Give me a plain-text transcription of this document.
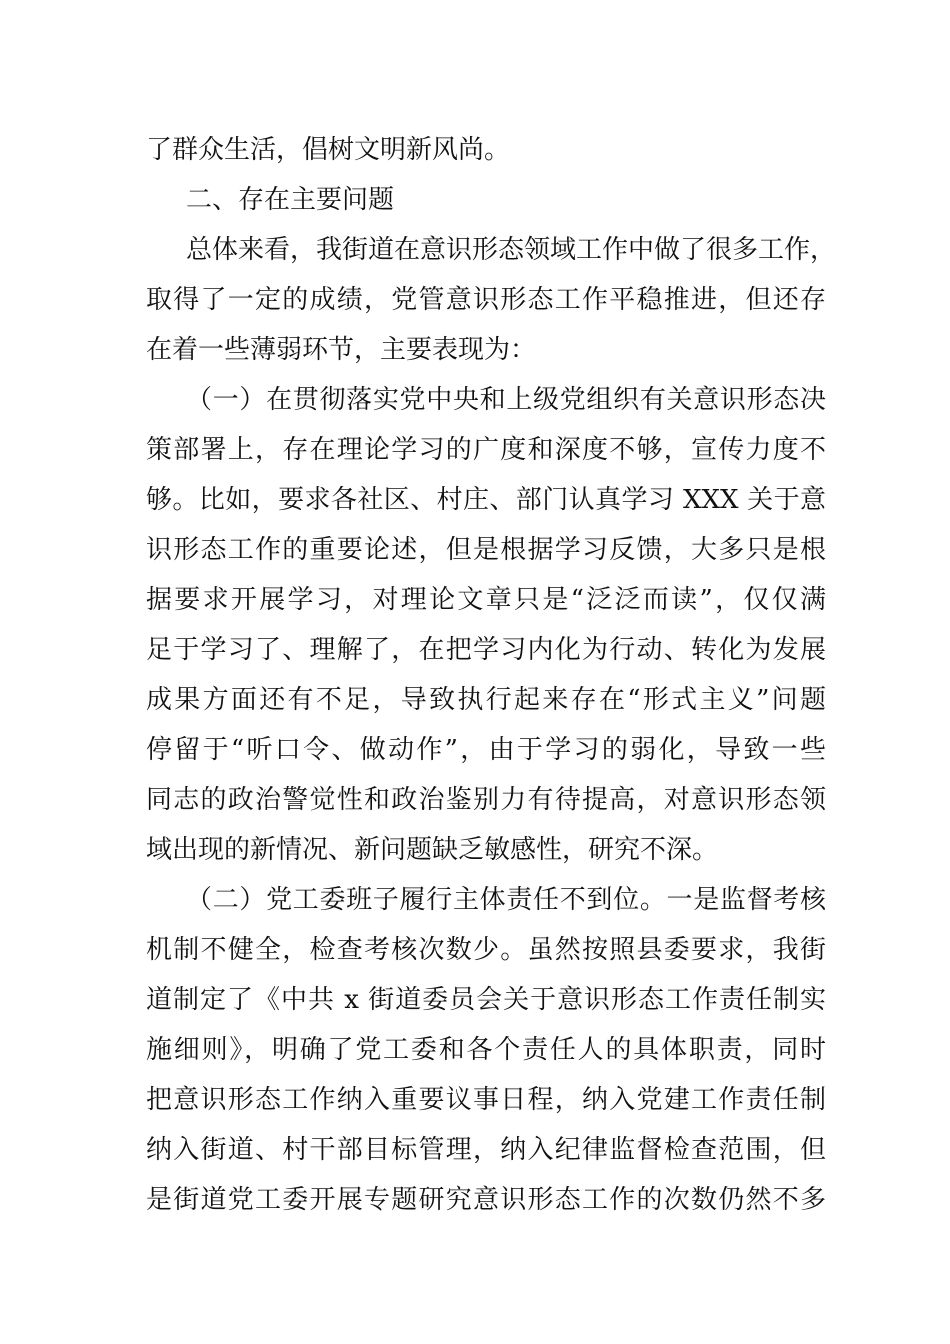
了群众生活，倡树文明新风尚。
二、存在主要问题
总体来看，我街道在意识形态领域工作中做了很多工作，
取得了一定的成绩，党管意识形态工作平稳推进，但还存
在着一些薄弱环节，主要表现为：
（一）在贯彻落实党中央和上级党组织有关意识形态决
策部署上，存在理论学习的广度和深度不够，宣传力度不
够。比如，要求各社区、村庄、部门认真学习 XXX 关于意
识形态工作的重要论述，但是根据学习反馈，大多只是根
据要求开展学习，对理论文章只是“泛泛而读”，仅仅满
足于学习了、理解了，在把学习内化为行动、转化为发展
成果方面还有不足，导致执行起来存在“形式主义”问题
停留于“听口令、做动作”，由于学习的弱化，导致一些
同志的政治警觉性和政治鉴别力有待提高，对意识形态领
域出现的新情况、新问题缺乏敏感性，研究不深。
（二）党工委班子履行主体责任不到位。一是监督考核
机制不健全，检查考核次数少。虽然按照县委要求，我街
道制定了《中共 x 街道委员会关于意识形态工作责任制实
施细则》，明确了党工委和各个责任人的具体职责，同时
把意识形态工作纳入重要议事日程，纳入党建工作责任制
纳入街道、村干部目标管理，纳入纪律监督检查范围，但
是街道党工委开展专题研究意识形态工作的次数仍然不多
